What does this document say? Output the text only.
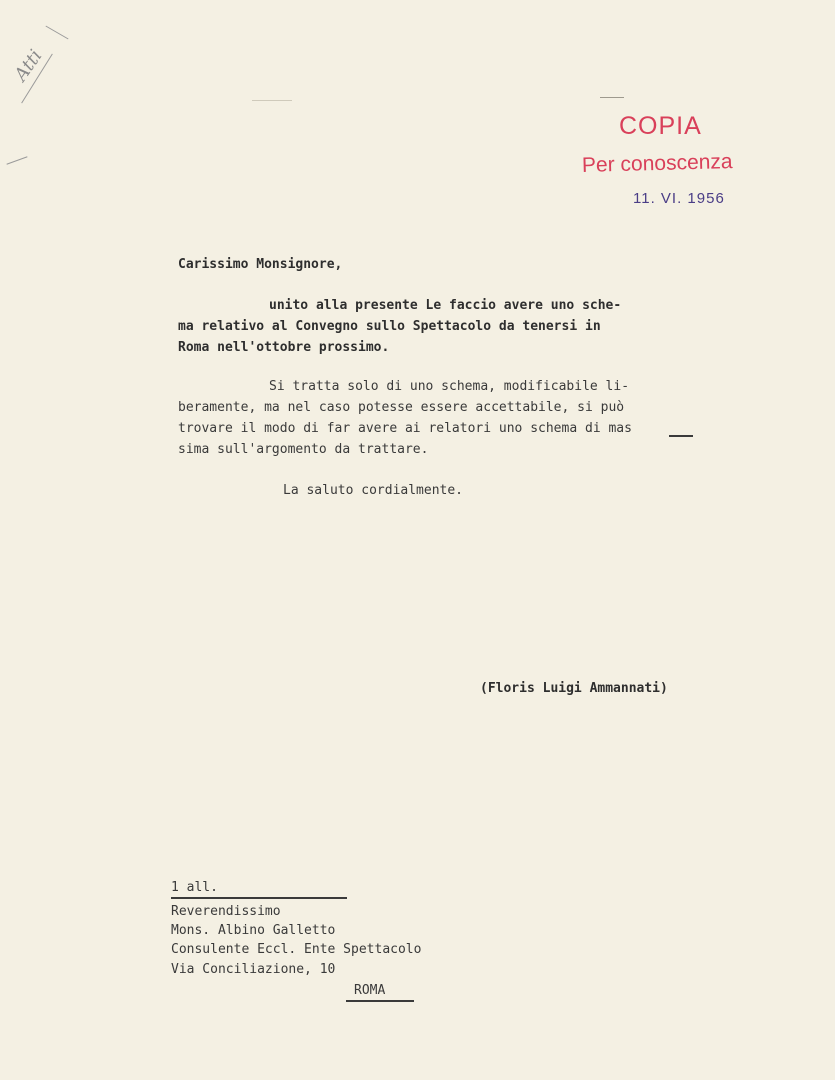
Atti
COPIA
Per conoscenza
11. VI. 1956
Carissimo Monsignore,
unito alla presente Le faccio avere uno sche-
ma relativo al Convegno sullo Spettacolo da tenersi in
Roma nell'ottobre prossimo.
Si tratta solo di uno schema, modificabile li-
beramente, ma nel caso potesse essere accettabile, si può
trovare il modo di far avere ai relatori uno schema di mas
sima sull'argomento da trattare.
La saluto cordialmente.
(Floris Luigi Ammannati)
1 all.
Reverendissimo
Mons. Albino Galletto
Consulente Eccl. Ente Spettacolo
Via Conciliazione, 10
ROMA
